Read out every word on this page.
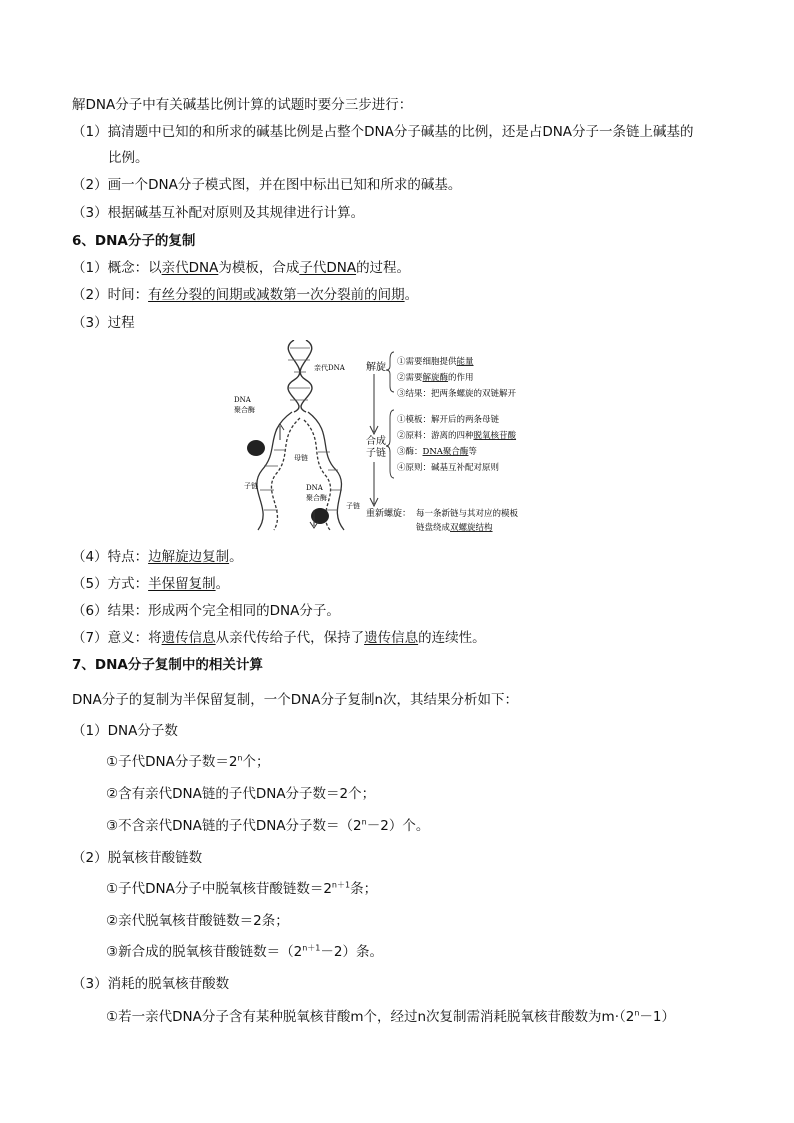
解DNA分子中有关碱基比例计算的试题时要分三步进行：
（1）搞清题中已知的和所求的碱基比例是占整个DNA分子碱基的比例，还是占DNA分子一条链上碱基的
比例。
（2）画一个DNA分子模式图，并在图中标出已知和所求的碱基。
（3）根据碱基互补配对原则及其规律进行计算。
6、DNA分子的复制
（1）概念：以亲代DNA为模板，合成子代DNA的过程。
（2）时间：有丝分裂的间期或减数第一次分裂前的间期。
（3）过程
亲代DNA
DNA
聚合酶
子链
母链
子链
DNA
聚合酶
解旋 ①需要细胞提供能量
②需要解旋酶的作用
③结果：把两条螺旋的双链解开
合成
子链
①模板：解开后的两条母链
②原料：游离的四种脱氧核苷酸
③酶：DNA聚合酶等
④原则：碱基互补配对原则
重新螺旋： 每一条新链与其对应的模板
链盘绕成双螺旋结构
（4）特点：边解旋边复制。
（5）方式：半保留复制。
（6）结果：形成两个完全相同的DNA分子。
（7）意义：将遗传信息从亲代传给子代，保持了遗传信息的连续性。
7、DNA分子复制中的相关计算
DNA分子的复制为半保留复制，一个DNA分子复制n次，其结果分析如下：
（1）DNA分子数
①子代DNA分子数$=2^n$个；
②含有亲代DNA链的子代DNA分子数＝2个；
③不含亲代DNA链的子代DNA分子数$=(2^n-2)$个。
（2）脱氧核苷酸链数
①子代DNA分子中脱氧核苷酸链数$=2^{n+1}$条；
②亲代脱氧核苷酸链数＝2条；
③新合成的脱氧核苷酸链数$=(2^{n+1}-2)$条。
（3）消耗的脱氧核苷酸数
①若一亲代DNA分子含有某种脱氧核苷酸m个，经过n次复制需消耗脱氧核苷酸数为$m\cdot(2^n-1)$
